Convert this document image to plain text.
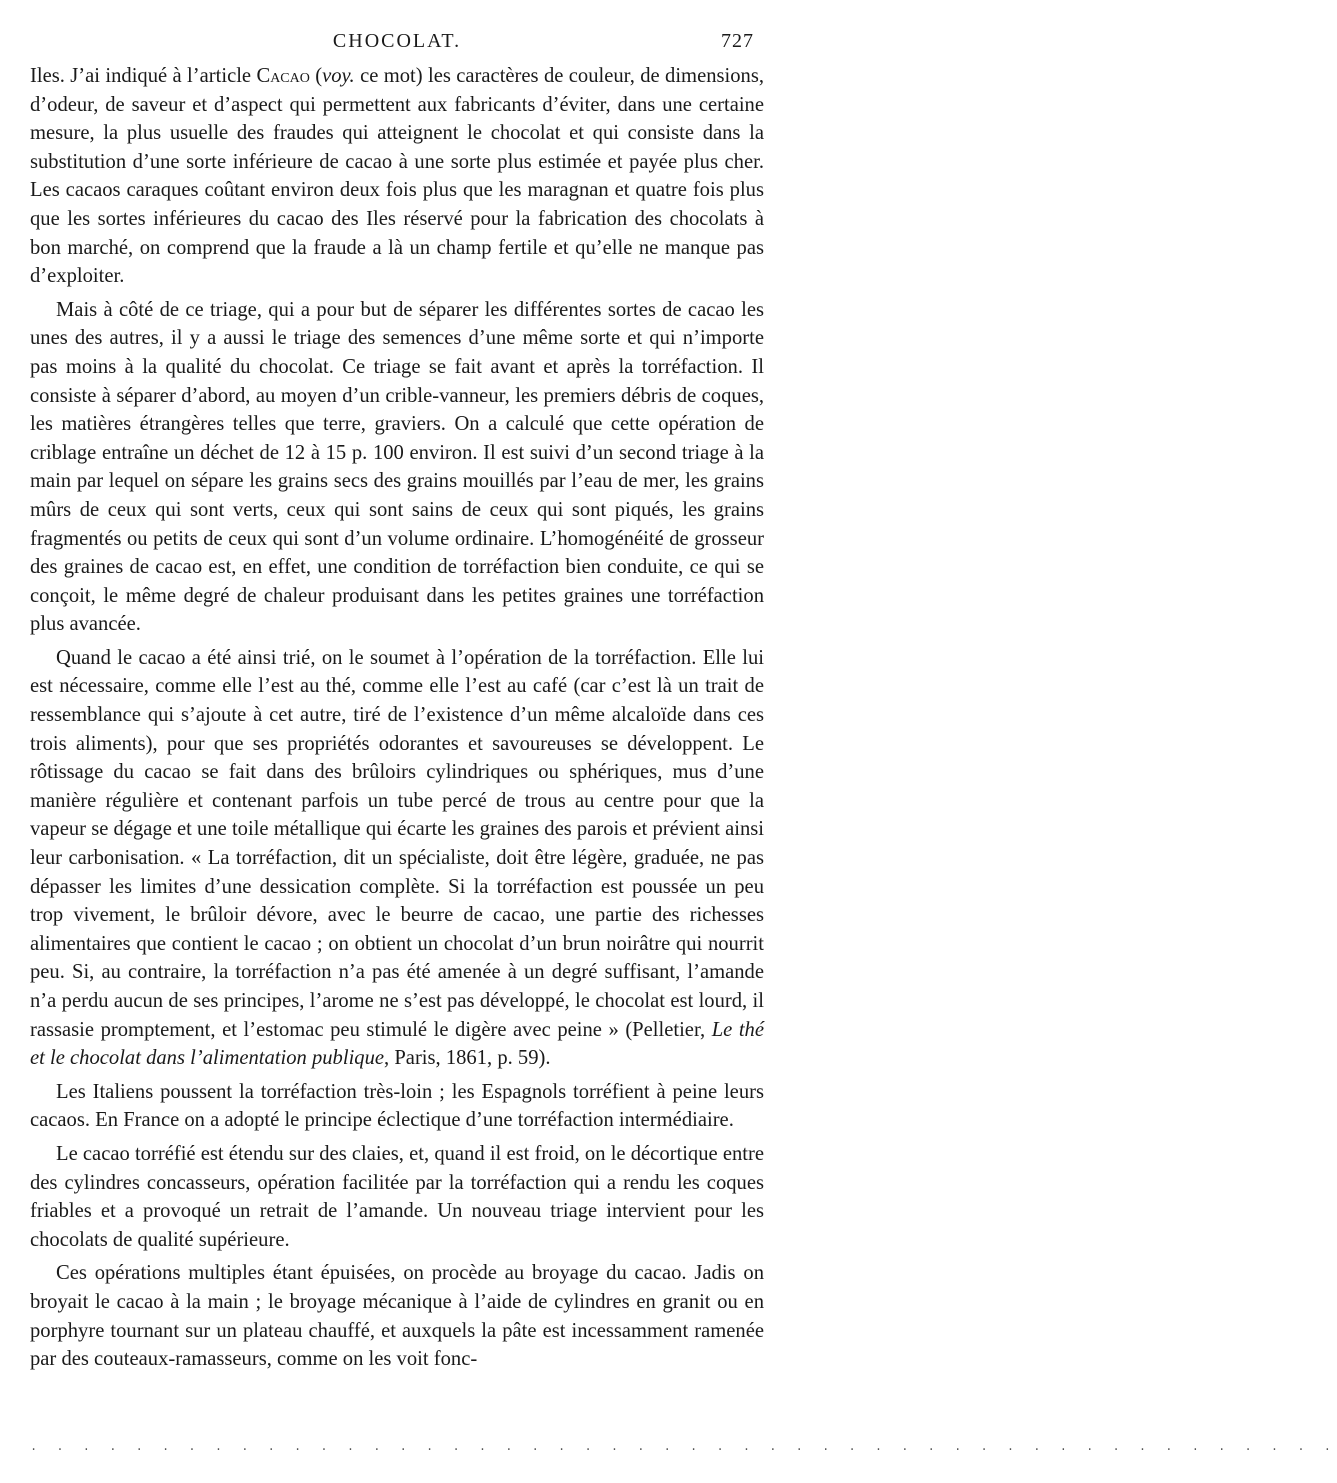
CHOCOLAT.	727

Iles. J’ai indiqué à l’article Cacao (voy. ce mot) les caractères de couleur, de dimensions, d’odeur, de saveur et d’aspect qui permettent aux fabricants d’éviter, dans une certaine mesure, la plus usuelle des fraudes qui atteignent le chocolat et qui consiste dans la substitution d’une sorte inférieure de cacao à une sorte plus estimée et payée plus cher. Les cacaos caraques coûtant environ deux fois plus que les maragnan et quatre fois plus que les sortes inférieures du cacao des Iles réservé pour la fabrication des chocolats à bon marché, on comprend que la fraude a là un champ fertile et qu’elle ne manque pas d’exploiter.

Mais à côté de ce triage, qui a pour but de séparer les différentes sortes de cacao les unes des autres, il y a aussi le triage des semences d’une même sorte et qui n’importe pas moins à la qualité du chocolat. Ce triage se fait avant et après la torréfaction. Il consiste à séparer d’abord, au moyen d’un crible-vanneur, les premiers débris de coques, les matières étrangères telles que terre, graviers. On a calculé que cette opération de criblage entraîne un déchet de 12 à 15 p. 100 environ. Il est suivi d’un second triage à la main par lequel on sépare les grains secs des grains mouillés par l’eau de mer, les grains mûrs de ceux qui sont verts, ceux qui sont sains de ceux qui sont piqués, les grains fragmentés ou petits de ceux qui sont d’un volume ordinaire. L’homogénéité de grosseur des graines de cacao est, en effet, une condition de torréfaction bien conduite, ce qui se conçoit, le même degré de chaleur produisant dans les petites graines une torréfaction plus avancée.

Quand le cacao a été ainsi trié, on le soumet à l’opération de la torréfaction. Elle lui est nécessaire, comme elle l’est au thé, comme elle l’est au café (car c’est là un trait de ressemblance qui s’ajoute à cet autre, tiré de l’existence d’un même alcaloïde dans ces trois aliments), pour que ses propriétés odorantes et savoureuses se développent. Le rôtissage du cacao se fait dans des brûloirs cylindriques ou sphériques, mus d’une manière régulière et contenant parfois un tube percé de trous au centre pour que la vapeur se dégage et une toile métallique qui écarte les graines des parois et prévient ainsi leur carbonisation. « La torréfaction, dit un spécialiste, doit être légère, graduée, ne pas dépasser les limites d’une dessication complète. Si la torréfaction est poussée un peu trop vivement, le brûloir dévore, avec le beurre de cacao, une partie des richesses alimentaires que contient le cacao ; on obtient un chocolat d’un brun noirâtre qui nourrit peu. Si, au contraire, la torréfaction n’a pas été amenée à un degré suffisant, l’amande n’a perdu aucun de ses principes, l’arome ne s’est pas développé, le chocolat est lourd, il rassasie promptement, et l’estomac peu stimulé le digère avec peine » (Pelletier, Le thé et le chocolat dans l’alimentation publique, Paris, 1861, p. 59).

Les Italiens poussent la torréfaction très-loin ; les Espagnols torréfient à peine leurs cacaos. En France on a adopté le principe éclectique d’une torréfaction intermédiaire.

Le cacao torréfié est étendu sur des claies, et, quand il est froid, on le décortique entre des cylindres concasseurs, opération facilitée par la torréfaction qui a rendu les coques friables et a provoqué un retrait de l’amande. Un nouveau triage intervient pour les chocolats de qualité supérieure.

Ces opérations multiples étant épuisées, on procède au broyage du cacao. Jadis on broyait le cacao à la main ; le broyage mécanique à l’aide de cylindres en granit ou en porphyre tournant sur un plateau chauffé, et auxquels la pâte est incessamment ramenée par des couteaux-ramasseurs, comme on les voit fonc-

. . . . . . . . . . . . . . . . . . . . . . . . . . . . . . . . . . . . . . . . . . . . . . . . . .
